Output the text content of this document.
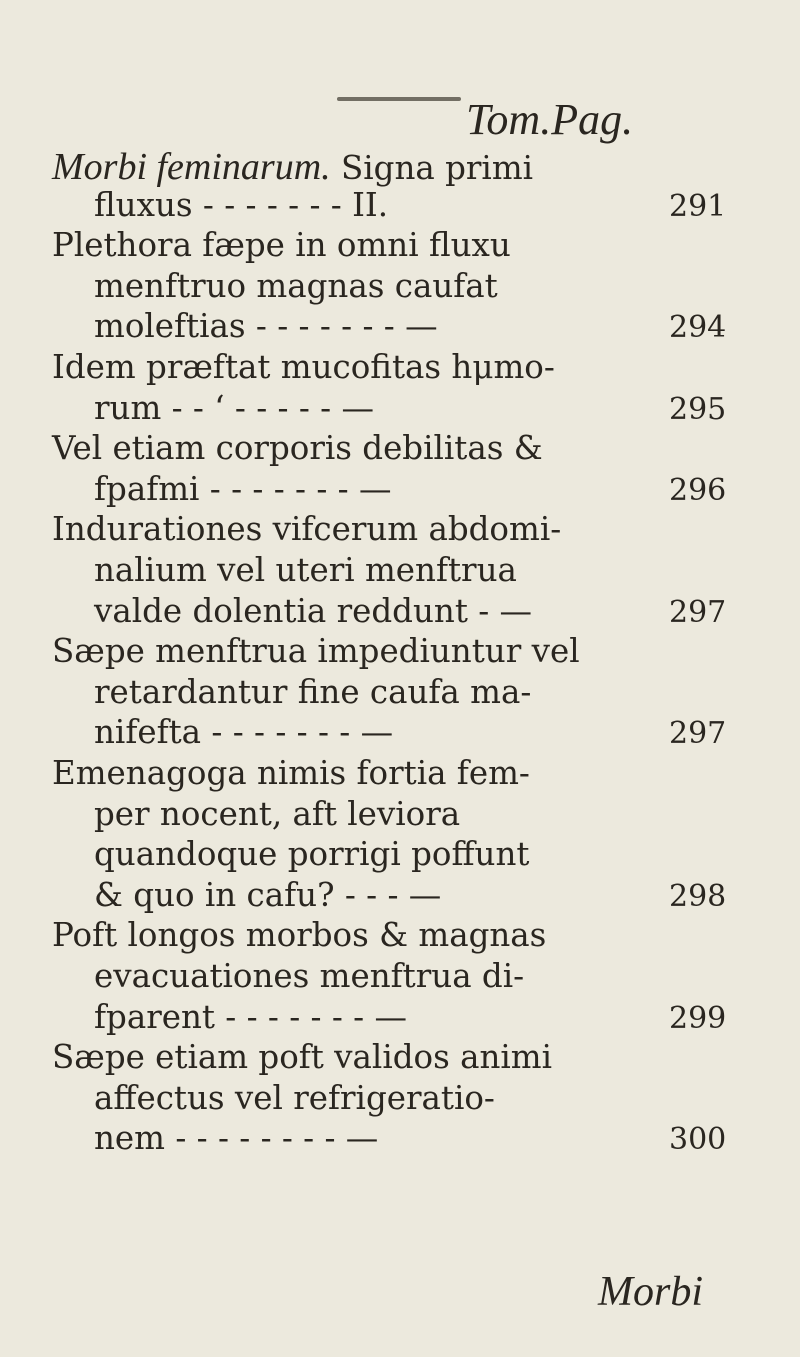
Tom.Pag.
Morbi feminarum. Signa primi
fluxus - - - - - - - II.	291
Plethora fæpe in omni fluxu
menftruo magnas caufat
moleftias - - - - - - - —	294
Idem præftat mucofitas hμmo-
rum - - ‘ - - - - - —	295
Vel etiam corporis debilitas &
fpafmi - - - - - - - —	296
Indurationes vifcerum abdomi-
nalium vel uteri menftrua
valde dolentia reddunt - —	297
Sæpe menftrua impediuntur vel
retardantur fine caufa ma-
nifefta - - - - - - - —	297
Emenagoga nimis fortia fem-
per nocent, aft leviora
quandoque porrigi poffunt
& quo in cafu? - - - —	298
Poft longos morbos & magnas
evacuationes menftrua di-
fparent - - - - - - - —	299
Sæpe etiam poft validos animi
affectus vel refrigeratio-
nem - - - - - - - - —	300
Morbi
